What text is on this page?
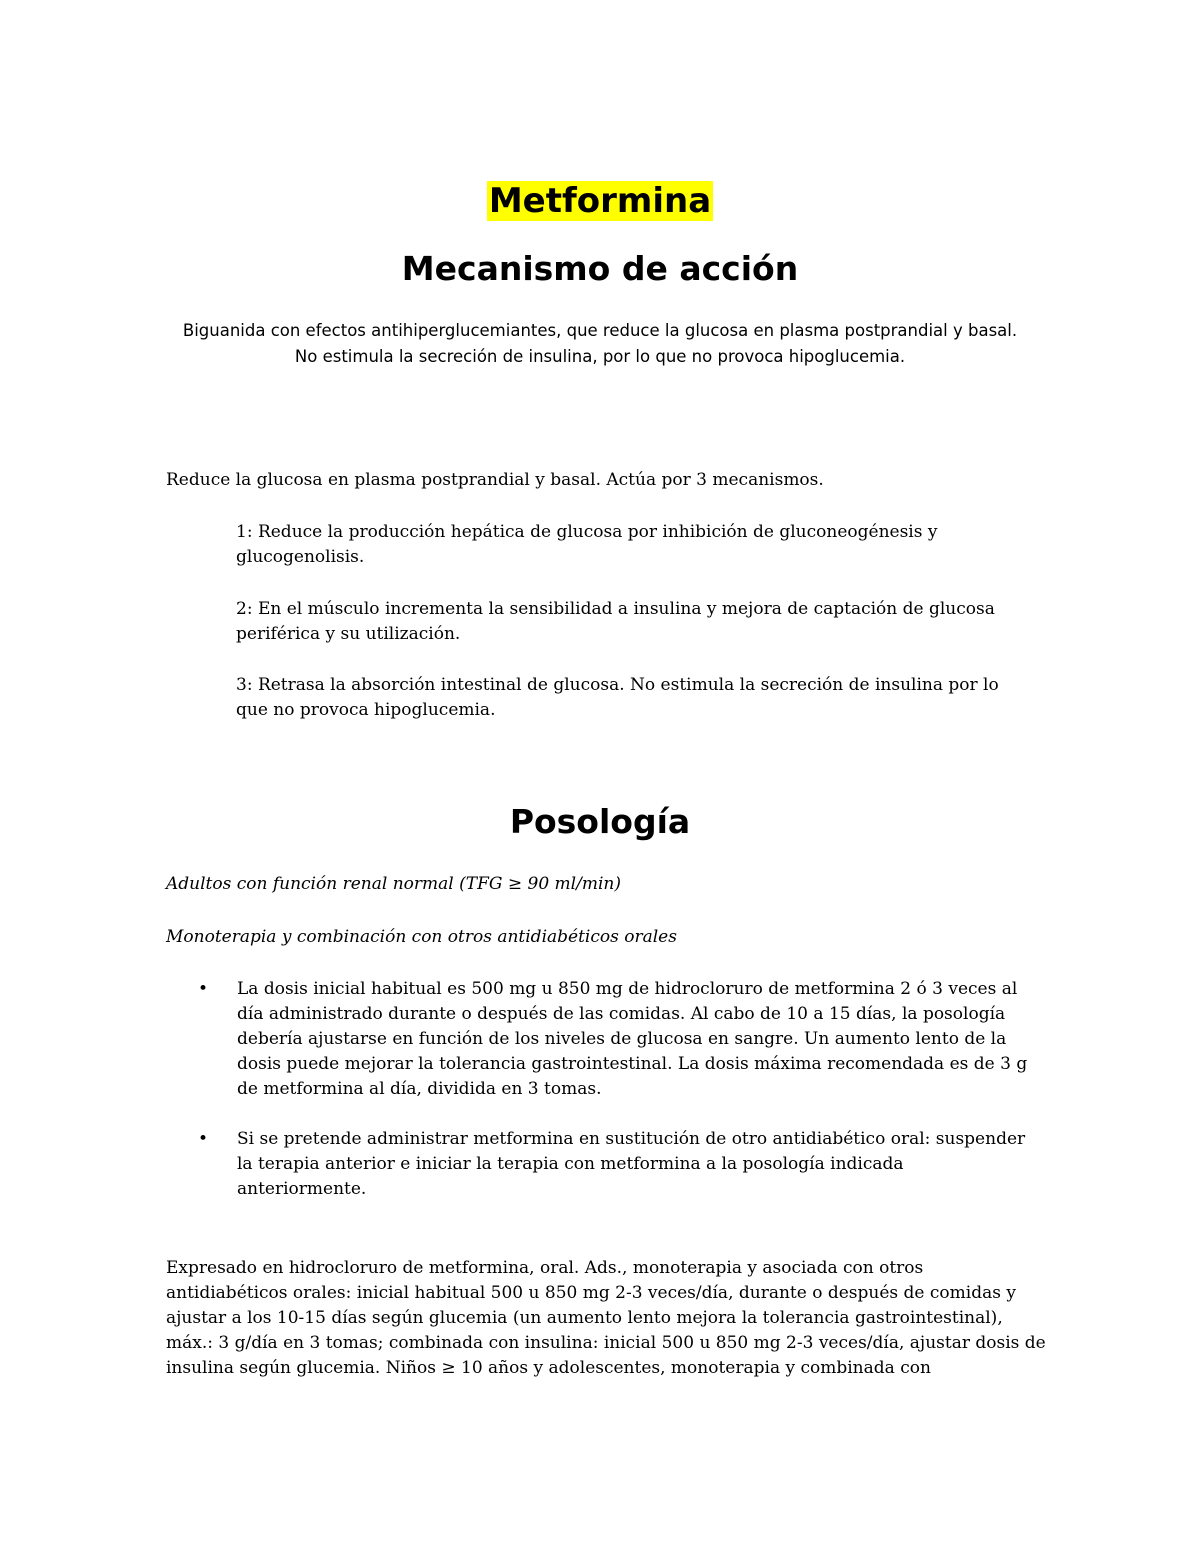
Metformina
Mecanismo de acción

Biguanida con efectos antihiperglucemiantes, que reduce la glucosa en plasma postprandial y basal. No estimula la secreción de insulina, por lo que no provoca hipoglucemia.

Reduce la glucosa en plasma postprandial y basal. Actúa por 3 mecanismos.

1: Reduce la producción hepática de glucosa por inhibición de gluconeogénesis y glucogenolisis.

2: En el músculo incrementa la sensibilidad a insulina y mejora de captación de glucosa periférica y su utilización.

3: Retrasa la absorción intestinal de glucosa. No estimula la secreción de insulina por lo que no provoca hipoglucemia.

Posología

Adultos con función renal normal (TFG ≥ 90 ml/min)

Monoterapia y combinación con otros antidiabéticos orales

• La dosis inicial habitual es 500 mg u 850 mg de hidrocloruro de metformina 2 ó 3 veces al día administrado durante o después de las comidas. Al cabo de 10 a 15 días, la posología debería ajustarse en función de los niveles de glucosa en sangre. Un aumento lento de la dosis puede mejorar la tolerancia gastrointestinal. La dosis máxima recomendada es de 3 g de metformina al día, dividida en 3 tomas.

• Si se pretende administrar metformina en sustitución de otro antidiabético oral: suspender la terapia anterior e iniciar la terapia con metformina a la posología indicada anteriormente.

Expresado en hidrocloruro de metformina, oral. Ads., monoterapia y asociada con otros antidiabéticos orales: inicial habitual 500 u 850 mg 2-3 veces/día, durante o después de comidas y ajustar a los 10-15 días según glucemia (un aumento lento mejora la tolerancia gastrointestinal), máx.: 3 g/día en 3 tomas; combinada con insulina: inicial 500 u 850 mg 2-3 veces/día, ajustar dosis de insulina según glucemia. Niños ≥ 10 años y adolescentes, monoterapia y combinada con
